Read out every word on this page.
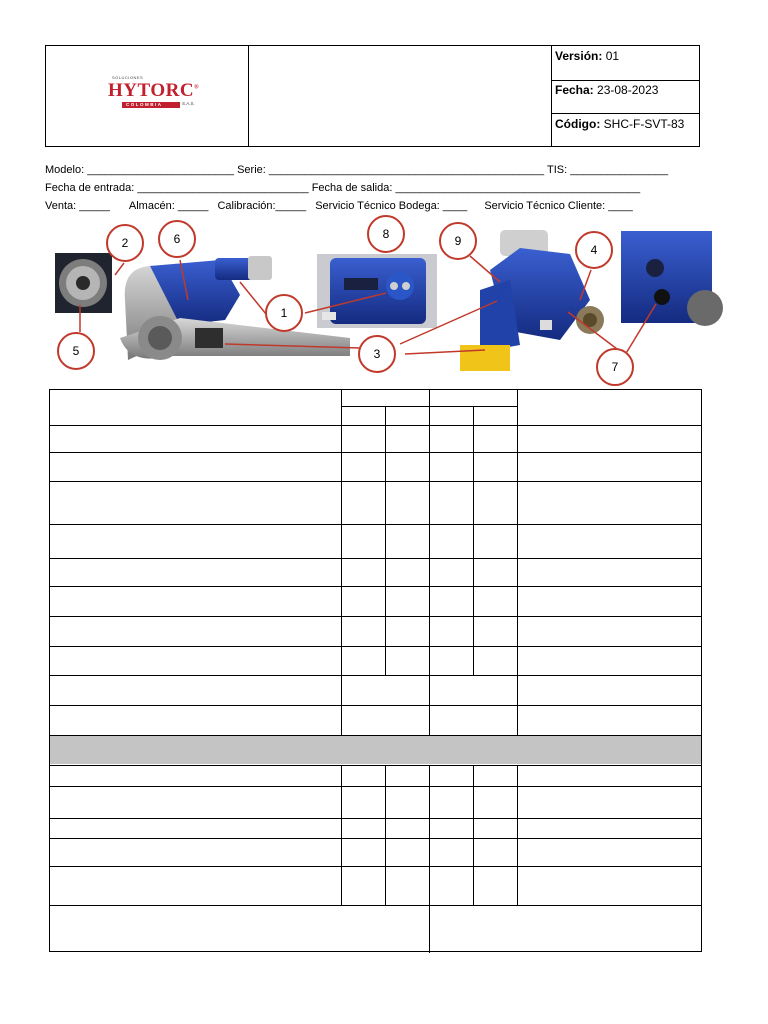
SOLUCIONES
HYTORC®
COLOMBIA	S.A.S.
Versión: 01
Fecha: 23-08-2023
Código: SHC-F-SVT-83
Modelo: ________________________ Serie: _____________________________________________ TIS: ________________
Fecha de entrada: ____________________________ Fecha de salida: ________________________________________
Venta: _____ Almacén: _____ Calibración:_____ Servicio Técnico Bodega: ____ Servicio Técnico Cliente: ____
1
2
3
4
5
6
7
8	9
